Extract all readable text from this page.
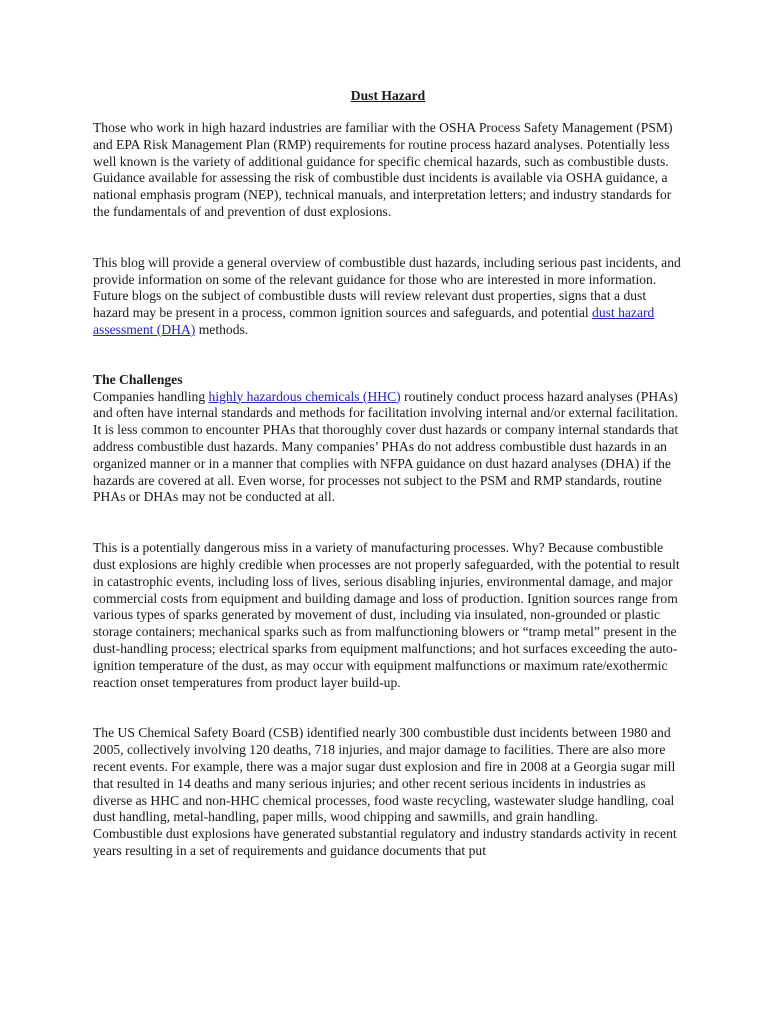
Dust Hazard

Those who work in high hazard industries are familiar with the OSHA Process Safety Management (PSM) and EPA Risk Management Plan (RMP) requirements for routine process hazard analyses. Potentially less well known is the variety of additional guidance for specific chemical hazards, such as combustible dusts. Guidance available for assessing the risk of combustible dust incidents is available via OSHA guidance, a national emphasis program (NEP), technical manuals, and interpretation letters; and industry standards for the fundamentals of and prevention of dust explosions.

This blog will provide a general overview of combustible dust hazards, including serious past incidents, and provide information on some of the relevant guidance for those who are interested in more information. Future blogs on the subject of combustible dusts will review relevant dust properties, signs that a dust hazard may be present in a process, common ignition sources and safeguards, and potential dust hazard assessment (DHA) methods.

The Challenges

Companies handling highly hazardous chemicals (HHC) routinely conduct process hazard analyses (PHAs) and often have internal standards and methods for facilitation involving internal and/or external facilitation. It is less common to encounter PHAs that thoroughly cover dust hazards or company internal standards that address combustible dust hazards. Many companies’ PHAs do not address combustible dust hazards in an organized manner or in a manner that complies with NFPA guidance on dust hazard analyses (DHA) if the hazards are covered at all. Even worse, for processes not subject to the PSM and RMP standards, routine PHAs or DHAs may not be conducted at all.

This is a potentially dangerous miss in a variety of manufacturing processes. Why? Because combustible dust explosions are highly credible when processes are not properly safeguarded, with the potential to result in catastrophic events, including loss of lives, serious disabling injuries, environmental damage, and major commercial costs from equipment and building damage and loss of production. Ignition sources range from various types of sparks generated by movement of dust, including via insulated, non-grounded or plastic storage containers; mechanical sparks such as from malfunctioning blowers or “tramp metal” present in the dust-handling process; electrical sparks from equipment malfunctions; and hot surfaces exceeding the auto-ignition temperature of the dust, as may occur with equipment malfunctions or maximum rate/exothermic reaction onset temperatures from product layer build-up.

The US Chemical Safety Board (CSB) identified nearly 300 combustible dust incidents between 1980 and 2005, collectively involving 120 deaths, 718 injuries, and major damage to facilities. There are also more recent events. For example, there was a major sugar dust explosion and fire in 2008 at a Georgia sugar mill that resulted in 14 deaths and many serious injuries; and other recent serious incidents in industries as diverse as HHC and non-HHC chemical processes, food waste recycling, wastewater sludge handling, coal dust handling, metal-handling, paper mills, wood chipping and sawmills, and grain handling.

Combustible dust explosions have generated substantial regulatory and industry standards activity in recent years resulting in a set of requirements and guidance documents that put
